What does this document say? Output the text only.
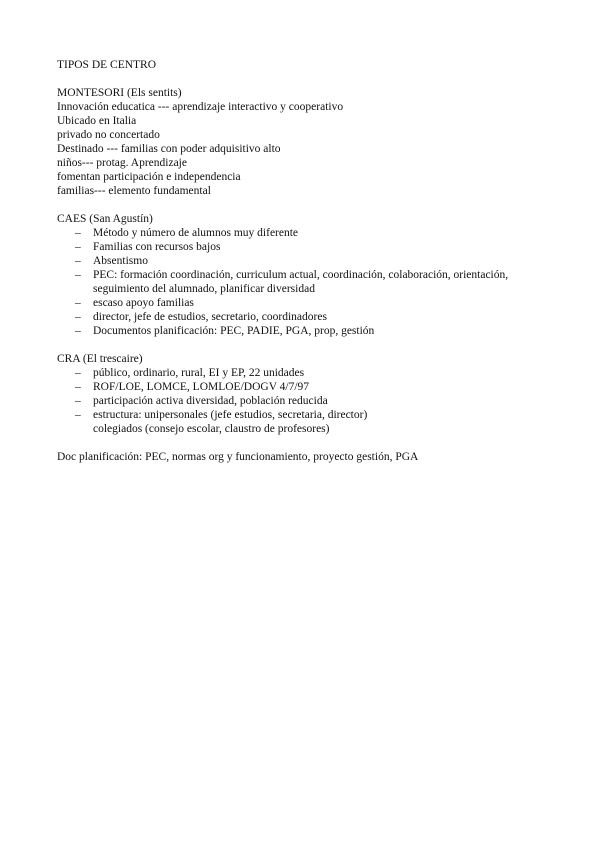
TIPOS DE CENTRO
MONTESORI (Els sentits)
Innovación educatica --- aprendizaje interactivo y cooperativo
Ubicado en Italia
privado no concertado
Destinado --- familias con poder adquisitivo alto
niños--- protag. Aprendizaje
fomentan participación e independencia
familias--- elemento fundamental
CAES (San Agustín)
– Método y número de alumnos muy diferente
– Familias con recursos bajos
– Absentismo
– PEC: formación coordinación, curriculum actual, coordinación, colaboración, orientación, seguimiento del alumnado, planificar diversidad
– escaso apoyo familias
– director, jefe de estudios, secretario, coordinadores
– Documentos planificación: PEC, PADIE, PGA, prop, gestión
CRA (El trescaire)
– público, ordinario, rural, EI y EP, 22 unidades
– ROF/LOE, LOMCE, LOMLOE/DOGV 4/7/97
– participación activa diversidad, población reducida
– estructura: unipersonales (jefe estudios, secretaria, director)
colegiados (consejo escolar, claustro de profesores)
Doc planificación: PEC, normas org y funcionamiento, proyecto gestión, PGA
